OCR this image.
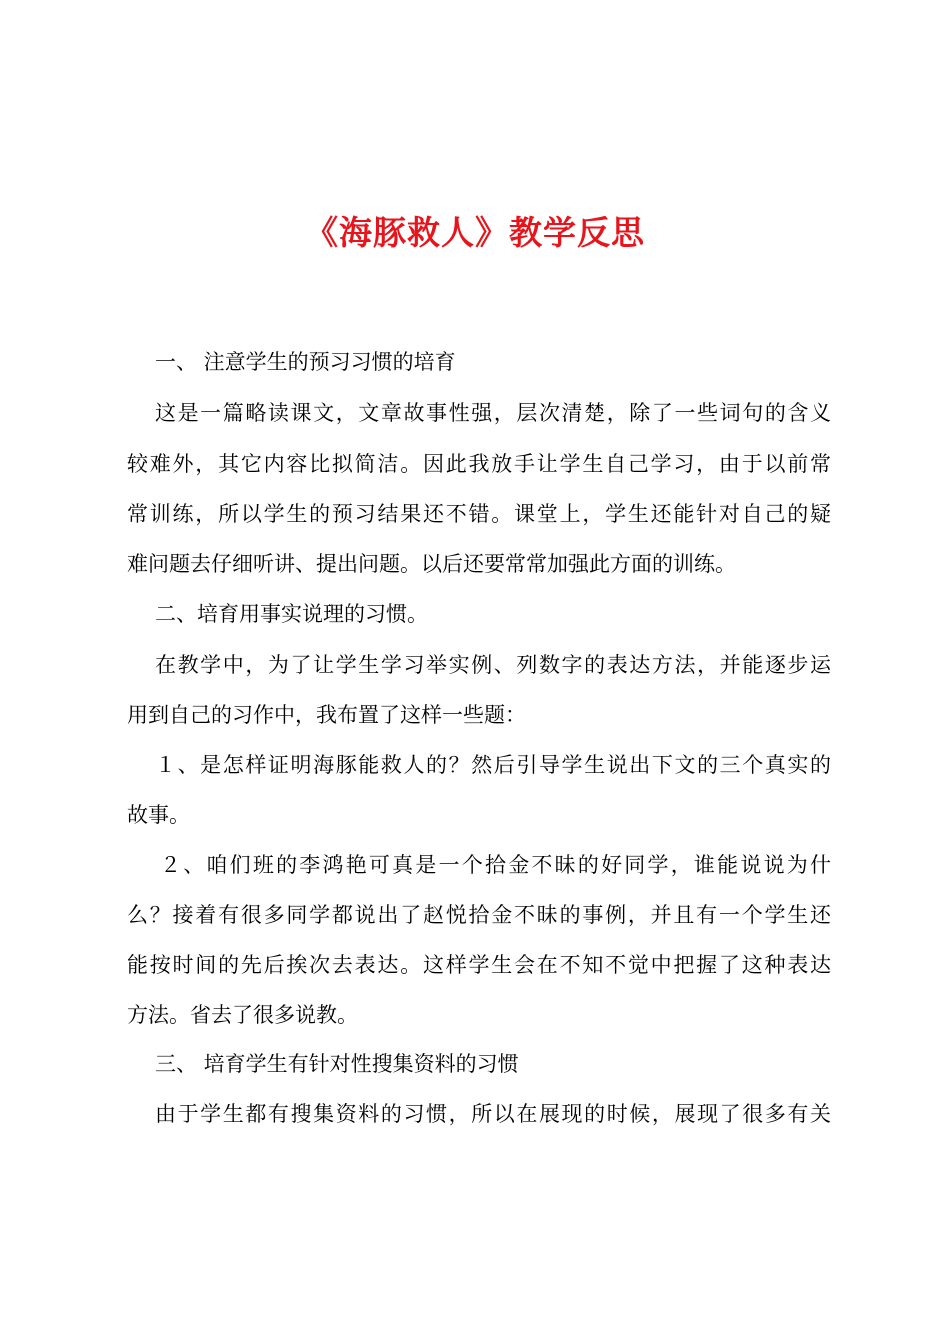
《海豚救人》教学反思
一、 注意学生的预习习惯的培育
这是一篇略读课文，文章故事性强，层次清楚，除了一些词句的含义
较难外，其它内容比拟简洁。因此我放手让学生自己学习，由于以前常
常训练，所以学生的预习结果还不错。课堂上，学生还能针对自己的疑
难问题去仔细听讲、提出问题。以后还要常常加强此方面的训练。
二、培育用事实说理的习惯。
在教学中，为了让学生学习举实例、列数字的表达方法，并能逐步运
用到自己的习作中，我布置了这样一些题：
１、是怎样证明海豚能救人的？然后引导学生说出下文的三个真实的
故事。
２、咱们班的李鸿艳可真是一个拾金不昧的好同学，谁能说说为什
么？接着有很多同学都说出了赵悦拾金不昧的事例，并且有一个学生还
能按时间的先后挨次去表达。这样学生会在不知不觉中把握了这种表达
方法。省去了很多说教。
三、 培育学生有针对性搜集资料的习惯
由于学生都有搜集资料的习惯，所以在展现的时候，展现了很多有关
